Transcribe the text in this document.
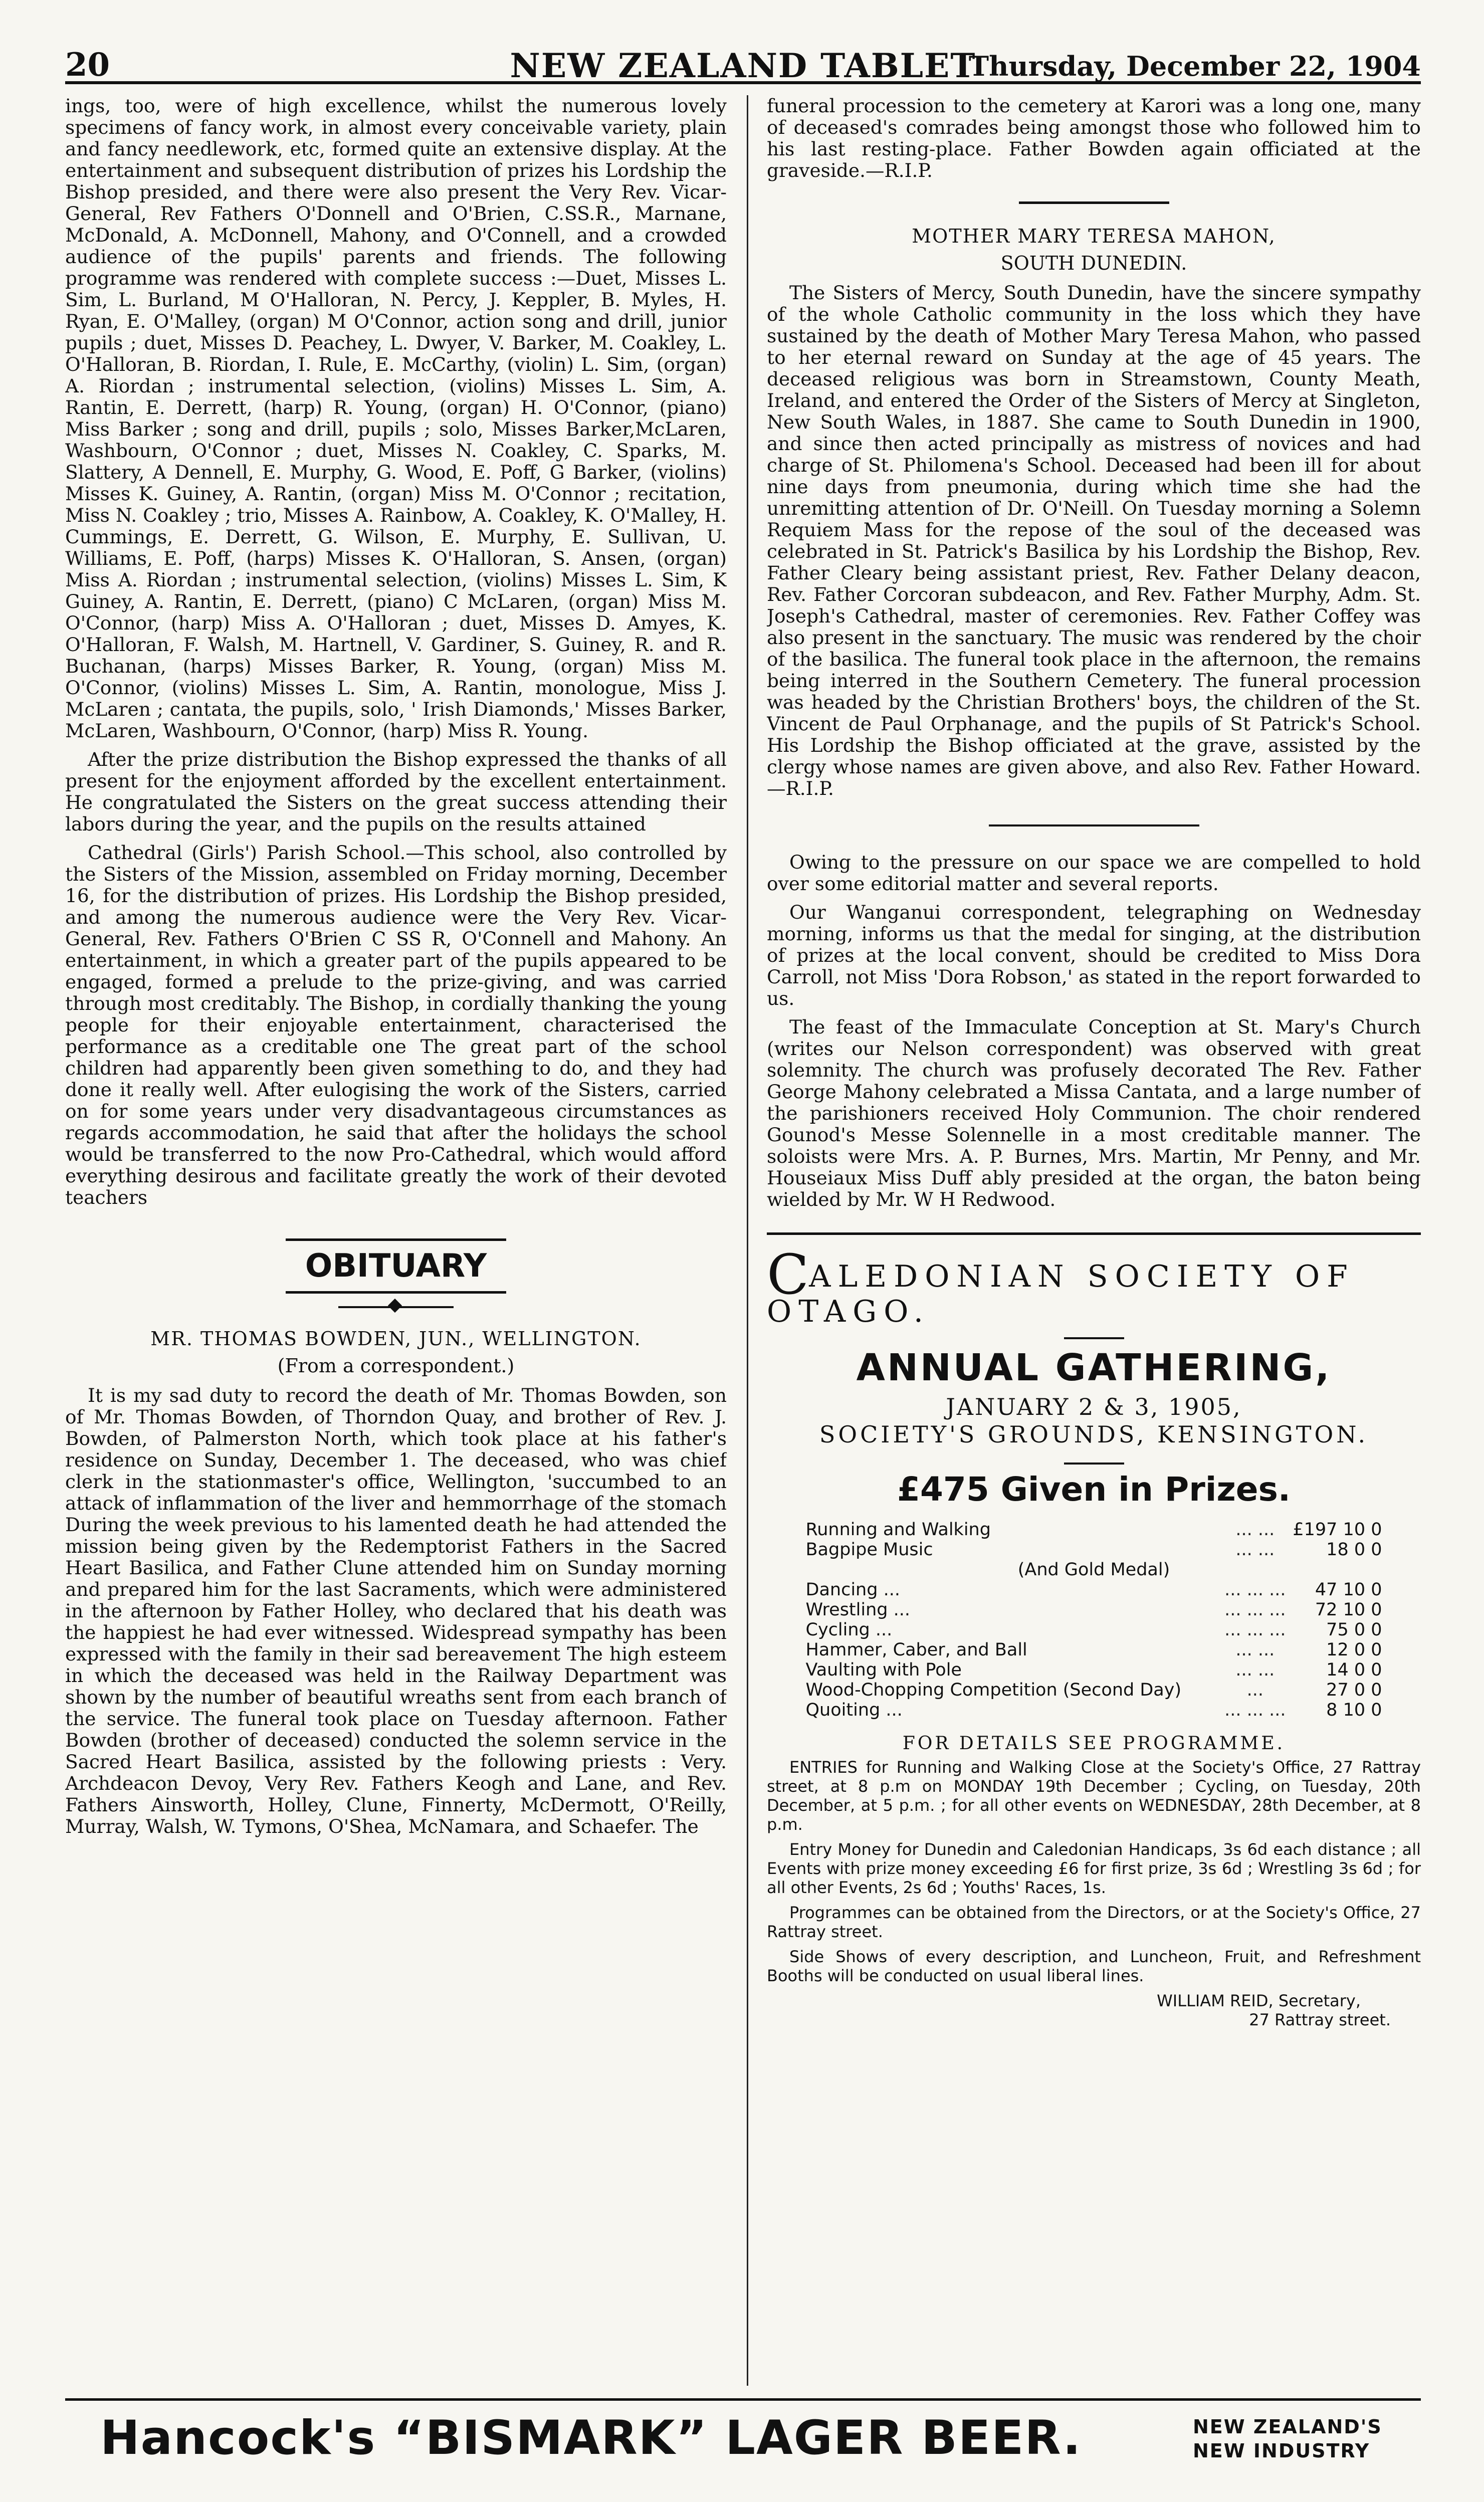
20	NEW ZEALAND TABLET
Thursday, December 22, 1904

ings, too, were of high excellence, whilst the numerous lovely specimens of fancy work, in almost every conceivable variety, plain and fancy needlework, etc, formed quite an extensive display. At the entertainment and subsequent distribution of prizes his Lordship the Bishop presided, and there were also present the Very Rev. Vicar-General, Rev Fathers O'Donnell and O'Brien, C.SS.R., Marnane, McDonald, A. McDonnell, Mahony, and O'Connell, and a crowded audience of the pupils' parents and friends. The following programme was rendered with complete success :—Duet, Misses L. Sim, L. Burland, M O'Halloran, N. Percy, J. Keppler, B. Myles, H. Ryan, E. O'Malley, (organ) M O'Connor, action song and drill, junior pupils ; duet, Misses D. Peachey, L. Dwyer, V. Barker, M. Coakley, L. O'Halloran, B. Riordan, I. Rule, E. McCarthy, (violin) L. Sim, (organ) A. Riordan ; instrumental selection, (violins) Misses L. Sim, A. Rantin, E. Derrett, (harp) R. Young, (organ) H. O'Connor, (piano) Miss Barker ; song and drill, pupils ; solo, Misses Barker,McLaren, Washbourn, O'Connor ; duet, Misses N. Coakley, C. Sparks, M. Slattery, A Dennell, E. Murphy, G. Wood, E. Poff, G Barker, (violins) Misses K. Guiney, A. Rantin, (organ) Miss M. O'Connor ; recitation, Miss N. Coakley ; trio, Misses A. Rainbow, A. Coakley, K. O'Malley, H. Cummings, E. Derrett, G. Wilson, E. Murphy, E. Sullivan, U. Williams, E. Poff, (harps) Misses K. O'Halloran, S. Ansen, (organ) Miss A. Riordan ; instrumental selection, (violins) Misses L. Sim, K Guiney, A. Rantin, E. Derrett, (piano) C McLaren, (organ) Miss M. O'Connor, (harp) Miss A. O'Halloran ; duet, Misses D. Amyes, K. O'Halloran, F. Walsh, M. Hartnell, V. Gardiner, S. Guiney, R. and R. Buchanan, (harps) Misses Barker, R. Young, (organ) Miss M. O'Connor, (violins) Misses L. Sim, A. Rantin, monologue, Miss J. McLaren ; cantata, the pupils, solo, ' Irish Diamonds,' Misses Barker, McLaren, Washbourn, O'Connor, (harp) Miss R. Young.

After the prize distribution the Bishop expressed the thanks of all present for the enjoyment afforded by the excellent entertainment. He congratulated the Sisters on the great success attending their labors during the year, and the pupils on the results attained

Cathedral (Girls') Parish School.—This school, also controlled by the Sisters of the Mission, assembled on Friday morning, December 16, for the distribution of prizes. His Lordship the Bishop presided, and among the numerous audience were the Very Rev. Vicar-General, Rev. Fathers O'Brien C SS R, O'Connell and Mahony. An entertainment, in which a greater part of the pupils appeared to be engaged, formed a prelude to the prize-giving, and was carried through most creditably. The Bishop, in cordially thanking the young people for their enjoyable entertainment, characterised the performance as a creditable one The great part of the school children had apparently been given something to do, and they had done it really well. After eulogising the work of the Sisters, carried on for some years under very disadvantageous circumstances as regards accommodation, he said that after the holidays the school would be transferred to the now Pro-Cathedral, which would afford everything desirous and facilitate greatly the work of their devoted teachers

OBITUARY
MR. THOMAS BOWDEN, JUN., WELLINGTON.
(From a correspondent.)

It is my sad duty to record the death of Mr. Thomas Bowden, son of Mr. Thomas Bowden, of Thorndon Quay, and brother of Rev. J. Bowden, of Palmerston North, which took place at his father's residence on Sunday, December 1. The deceased, who was chief clerk in the stationmaster's office, Wellington, 'succumbed to an attack of inflammation of the liver and hemmorrhage of the stomach During the week previous to his lamented death he had attended the mission being given by the Redemptorist Fathers in the Sacred Heart Basilica, and Father Clune attended him on Sunday morning and prepared him for the last Sacraments, which were administered in the afternoon by Father Holley, who declared that his death was the happiest he had ever witnessed. Widespread sympathy has been expressed with the family in their sad bereavement The high esteem in which the deceased was held in the Railway Department was shown by the number of beautiful wreaths sent from each branch of the service. The funeral took place on Tuesday afternoon. Father Bowden (brother of deceased) conducted the solemn service in the Sacred Heart Basilica, assisted by the following priests : Very. Archdeacon Devoy, Very Rev. Fathers Keogh and Lane, and Rev. Fathers Ainsworth, Holley, Clune, Finnerty, McDermott, O'Reilly, Murray, Walsh, W. Tymons, O'Shea, McNamara, and Schaefer. The

funeral procession to the cemetery at Karori was a long one, many of deceased's comrades being amongst those who followed him to his last resting-place. Father Bowden again officiated at the graveside.—R.I.P.

MOTHER MARY TERESA MAHON,
SOUTH DUNEDIN.

The Sisters of Mercy, South Dunedin, have the sincere sympathy of the whole Catholic community in the loss which they have sustained by the death of Mother Mary Teresa Mahon, who passed to her eternal reward on Sunday at the age of 45 years. The deceased religious was born in Streamstown, County Meath, Ireland, and entered the Order of the Sisters of Mercy at Singleton, New South Wales, in 1887. She came to South Dunedin in 1900, and since then acted principally as mistress of novices and had charge of St. Philomena's School. Deceased had been ill for about nine days from pneumonia, during which time she had the unremitting attention of Dr. O'Neill. On Tuesday morning a Solemn Requiem Mass for the repose of the soul of the deceased was celebrated in St. Patrick's Basilica by his Lordship the Bishop, Rev. Father Cleary being assistant priest, Rev. Father Delany deacon, Rev. Father Corcoran subdeacon, and Rev. Father Murphy, Adm. St. Joseph's Cathedral, master of ceremonies. Rev. Father Coffey was also present in the sanctuary. The music was rendered by the choir of the basilica. The funeral took place in the afternoon, the remains being interred in the Southern Cemetery. The funeral procession was headed by the Christian Brothers' boys, the children of the St. Vincent de Paul Orphanage, and the pupils of St Patrick's School. His Lordship the Bishop officiated at the grave, assisted by the clergy whose names are given above, and also Rev. Father Howard.—R.I.P.

Owing to the pressure on our space we are compelled to hold over some editorial matter and several reports.

Our Wanganui correspondent, telegraphing on Wednesday morning, informs us that the medal for singing, at the distribution of prizes at the local convent, should be credited to Miss Dora Carroll, not Miss 'Dora Robson,' as stated in the report forwarded to us.

The feast of the Immaculate Conception at St. Mary's Church (writes our Nelson correspondent) was observed with great solemnity. The church was profusely decorated The Rev. Father George Mahony celebrated a Missa Cantata, and a large number of the parishioners received Holy Communion. The choir rendered Gounod's Messe Solennelle in a most creditable manner. The soloists were Mrs. A. P. Burnes, Mrs. Martin, Mr Penny, and Mr. Houseiaux Miss Duff ably presided at the organ, the baton being wielded by Mr. W H Redwood.

CALEDONIAN SOCIETY OF OTAGO.
ANNUAL GATHERING,
JANUARY 2 & 3, 1905,
SOCIETY'S GROUNDS, KENSINGTON.
£475 Given in Prizes.
Running and Walking	... ...	£197 10 0
Bagpipe Music	... ...	18 0 0
(And Gold Medal)		
Dancing ...	... ... ...	47 10 0
Wrestling ...	... ... ...	72 10 0
Cycling ...	... ... ...	75 0 0
Hammer, Caber, and Ball	... ...	12 0 0
Vaulting with Pole	... ...	14 0 0
Wood-Chopping Competition (Second Day)	...	27 0 0
Quoiting ...	... ... ...	8 10 0
FOR DETAILS SEE PROGRAMME.

ENTRIES for Running and Walking Close at the Society's Office, 27 Rattray street, at 8 p.m on MONDAY 19th December ; Cycling, on Tuesday, 20th December, at 5 p.m. ; for all other events on WEDNESDAY, 28th December, at 8 p.m.

Entry Money for Dunedin and Caledonian Handicaps, 3s 6d each distance ; all Events with prize money exceeding £6 for first prize, 3s 6d ; Wrestling 3s 6d ; for all other Events, 2s 6d ; Youths' Races, 1s.

Programmes can be obtained from the Directors, or at the Society's Office, 27 Rattray street.

Side Shows of every description, and Luncheon, Fruit, and Refreshment Booths will be conducted on usual liberal lines.

WILLIAM REID, Secretary,
27 Rattray street.
Hancock's “BISMARK” LAGER BEER.	NEW ZEALAND'S
NEW INDUSTRY
